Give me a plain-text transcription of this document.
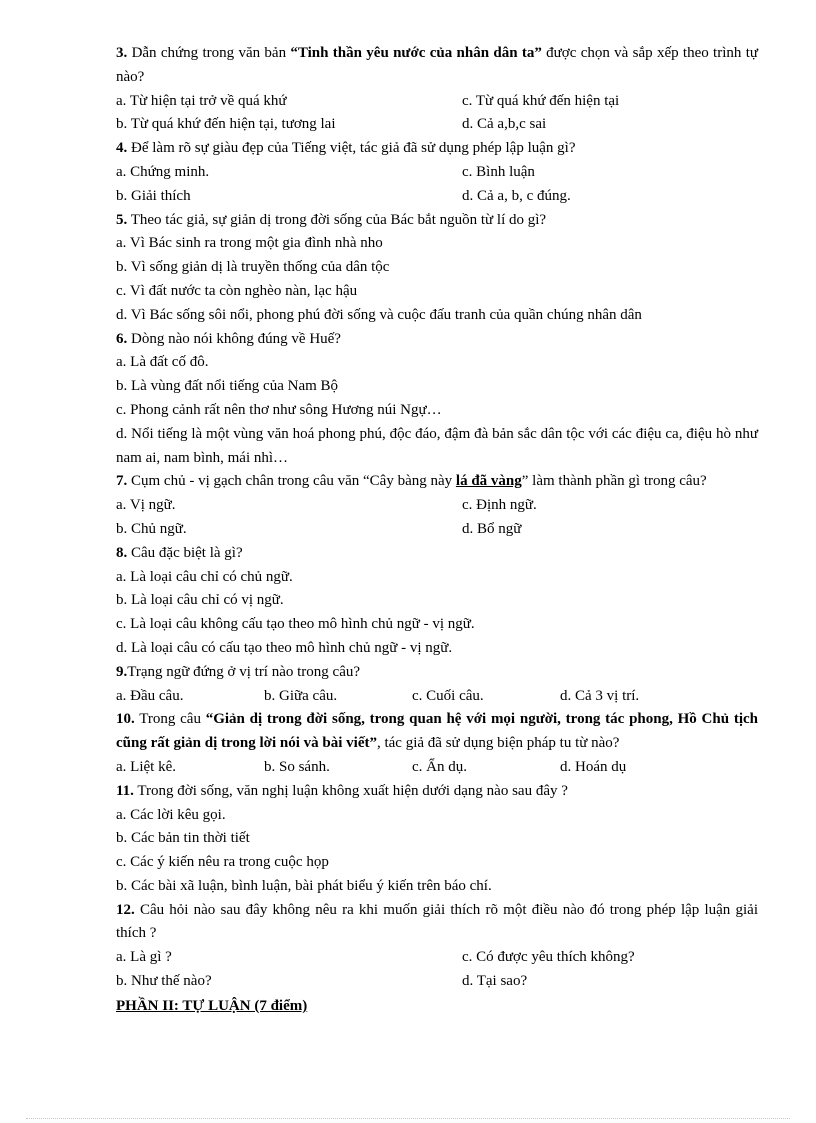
3. Dẫn chứng trong văn bản “Tinh thần yêu nước của nhân dân ta” được chọn và sắp xếp theo trình tự nào?
a. Từ hiện tại trở về quá khứ	c. Từ quá khứ đến hiện tại
b. Từ quá khứ đến hiện tại, tương lai	d. Cả a,b,c sai
4. Để làm rõ sự giàu đẹp của Tiếng việt, tác giả đã sử dụng phép lập luận gì?
a. Chứng minh.	c. Bình luận
b. Giải thích	d. Cả a, b, c đúng.
5. Theo tác giả, sự giản dị trong đời sống của Bác bắt nguồn từ lí do gì?
a. Vì Bác sinh ra trong một gia đình nhà nho
b. Vì sống giản dị là truyền thống của dân tộc
c. Vì đất nước ta còn nghèo nàn, lạc hậu
d. Vì Bác sống sôi nổi, phong phú đời sống và cuộc đấu tranh của quần chúng nhân dân
6. Dòng nào nói không đúng về Huế?
a. Là đất cố đô.
b. Là vùng đất nổi tiếng của Nam Bộ
c. Phong cảnh rất nên thơ như sông Hương núi Ngự…
d. Nổi tiếng là một vùng văn hoá phong phú, độc đáo, đậm đà bản sắc dân tộc với các điệu ca, điệu hò như nam ai, nam bình, mái nhì…
7. Cụm chủ - vị gạch chân trong câu văn “Cây bàng này lá đã vàng” làm thành phần gì trong câu?
a. Vị ngữ.	c. Định ngữ.
b. Chủ ngữ.	d. Bổ ngữ
8. Câu đặc biệt là gì?
a. Là loại câu chỉ có chủ ngữ.
b. Là loại câu chỉ có vị ngữ.
c. Là loại câu không cấu tạo theo mô hình chủ ngữ - vị ngữ.
d. Là loại câu có cấu tạo theo mô hình chủ ngữ - vị ngữ.
9.Trạng ngữ đứng ở vị trí nào trong câu?
a. Đầu câu.	b. Giữa câu.	c. Cuối câu.	d. Cả 3 vị trí.
10. Trong câu “Giản dị trong đời sống, trong quan hệ với mọi người, trong tác phong, Hồ Chủ tịch cũng rất giản dị trong lời nói và bài viết”, tác giả đã sử dụng biện pháp tu từ nào?
a. Liệt kê.	b. So sánh.	c. Ẩn dụ.	d. Hoán dụ
11. Trong đời sống, văn nghị luận không xuất hiện dưới dạng nào sau đây ?
a. Các lời kêu gọi.
b. Các bản tin thời tiết
c. Các ý kiến nêu ra trong cuộc họp
b. Các bài xã luận, bình luận, bài phát biểu ý kiến trên báo chí.
12. Câu hỏi nào sau đây không nêu ra khi muốn giải thích rõ một điều nào đó trong phép lập luận giải thích ?
a. Là gì ?	c. Có được yêu thích không?
b. Như thế nào?	d. Tại sao?
PHẦN II: TỰ LUẬN (7 điểm)
